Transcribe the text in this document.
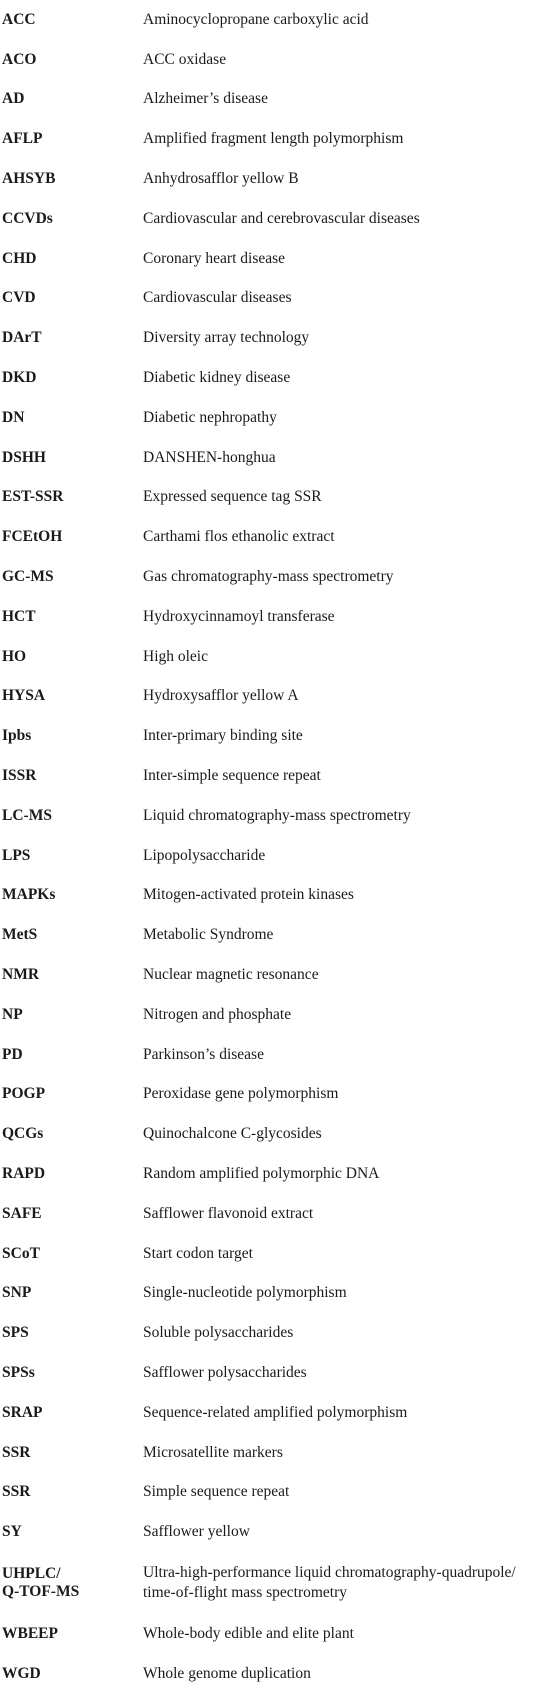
ACC	Aminocyclopropane carboxylic acid
ACO	ACC oxidase
AD	Alzheimer’s disease
AFLP	Amplified fragment length polymorphism
AHSYB	Anhydrosafflor yellow B
CCVDs	Cardiovascular and cerebrovascular diseases
CHD	Coronary heart disease
CVD	Cardiovascular diseases
DArT	Diversity array technology
DKD	Diabetic kidney disease
DN	Diabetic nephropathy
DSHH	DANSHEN-honghua
EST-SSR	Expressed sequence tag SSR
FCEtOH	Carthami flos ethanolic extract
GC-MS	Gas chromatography-mass spectrometry
HCT	Hydroxycinnamoyl transferase
HO	High oleic
HYSA	Hydroxysafflor yellow A
Ipbs	Inter-primary binding site
ISSR	Inter-simple sequence repeat
LC-MS	Liquid chromatography-mass spectrometry
LPS	Lipopolysaccharide
MAPKs	Mitogen-activated protein kinases
MetS	Metabolic Syndrome
NMR	Nuclear magnetic resonance
NP	Nitrogen and phosphate
PD	Parkinson’s disease
POGP	Peroxidase gene polymorphism
QCGs	Quinochalcone C-glycosides
RAPD	Random amplified polymorphic DNA
SAFE	Safflower flavonoid extract
SCoT	Start codon target
SNP	Single-nucleotide polymorphism
SPS	Soluble polysaccharides
SPSs	Safflower polysaccharides
SRAP	Sequence-related amplified polymorphism
SSR	Microsatellite markers
SSR	Simple sequence repeat
SY	Safflower yellow

UHPLC/
Q-TOF-MS	Ultra-high-performance liquid chromatography-quadrupole/
time-of-flight mass spectrometry

WBEEP	Whole-body edible and elite plant
WGD	Whole genome duplication
